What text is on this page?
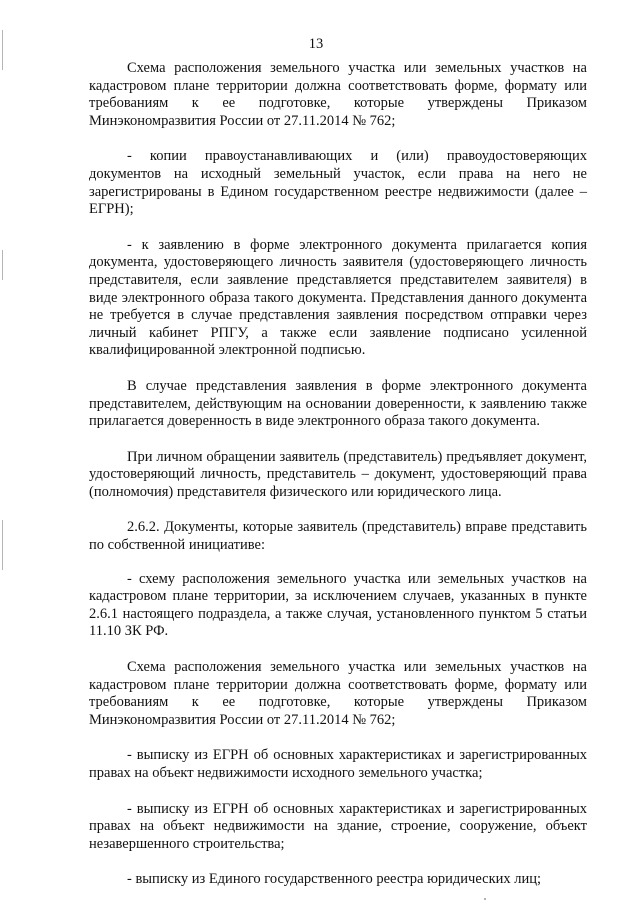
13

Схема расположения земельного участка или земельных участков на кадастровом плане территории должна соответствовать форме, формату или требованиям к ее подготовке, которые утверждены Приказом Минэкономразвития России от 27.11.2014 № 762;

- копии правоустанавливающих и (или) правоудостоверяющих документов на исходный земельный участок, если права на него не зарегистрированы в Едином государственном реестре недвижимости (далее – ЕГРН);

- к заявлению в форме электронного документа прилагается копия документа, удостоверяющего личность заявителя (удостоверяющего личность представителя, если заявление представляется представителем заявителя) в виде электронного образа такого документа. Представления данного документа не требуется в случае представления заявления посредством отправки через личный кабинет РПГУ, а также если заявление подписано усиленной квалифицированной электронной подписью.

В случае представления заявления в форме электронного документа представителем, действующим на основании доверенности, к заявлению также прилагается доверенность в виде электронного образа такого документа.

При личном обращении заявитель (представитель) предъявляет документ, удостоверяющий личность, представитель – документ, удостоверяющий права (полномочия) представителя физического или юридического лица.

2.6.2. Документы, которые заявитель (представитель) вправе представить по собственной инициативе:

- схему расположения земельного участка или земельных участков на кадастровом плане территории, за исключением случаев, указанных в пункте 2.6.1 настоящего подраздела, а также случая, установленного пунктом 5 статьи 11.10 ЗК РФ.

Схема расположения земельного участка или земельных участков на кадастровом плане территории должна соответствовать форме, формату или требованиям к ее подготовке, которые утверждены Приказом Минэкономразвития России от 27.11.2014 № 762;

- выписку из ЕГРН об основных характеристиках и зарегистрированных правах на объект недвижимости исходного земельного участка;

- выписку из ЕГРН об основных характеристиках и зарегистрированных правах на объект недвижимости на здание, строение, сооружение, объект незавершенного строительства;

- выписку из Единого государственного реестра юридических лиц;
